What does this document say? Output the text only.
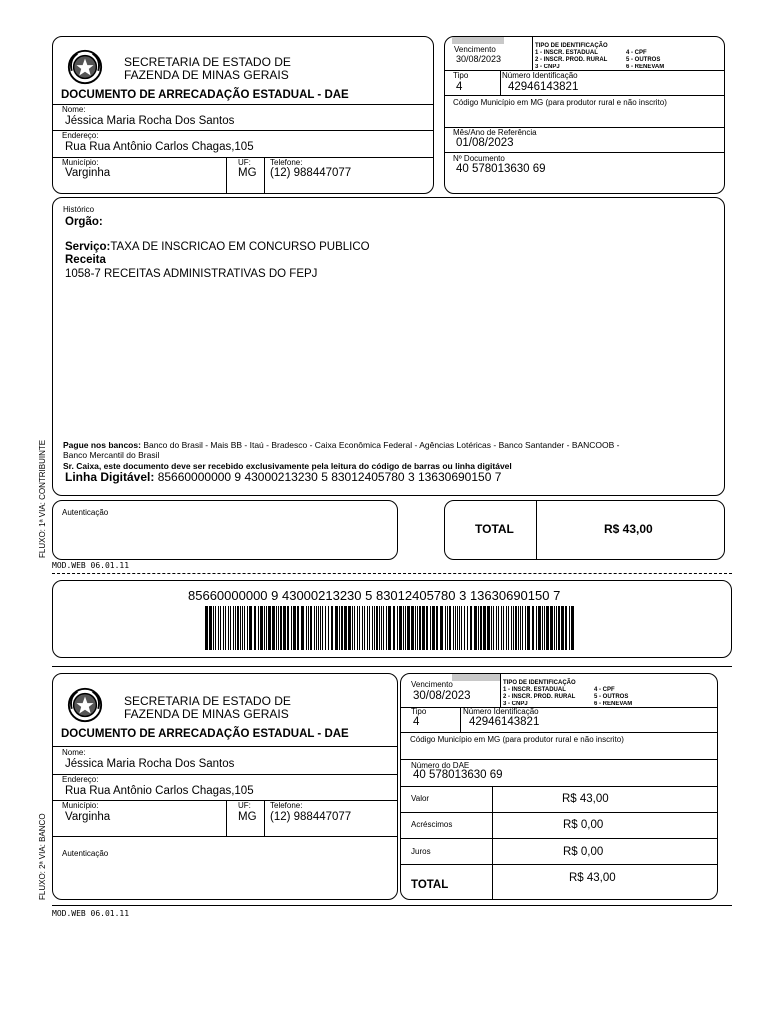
FLUXO: 1ª VIA: CONTRIBUINTE
SECRETARIA DE ESTADO DE
FAZENDA DE MINAS GERAIS
DOCUMENTO DE ARRECADAÇÃO ESTADUAL - DAE
Nome:
Jéssica Maria Rocha Dos Santos
Endereço:
Rua Rua Antônio Carlos Chagas,105
Município:
Varginha
UF:
MG
Telefone:
(12) 988447077
Vencimento
30/08/2023
TIPO DE IDENTIFICAÇÃO
1 - INSCR. ESTADUAL
2 - INSCR. PROD. RURAL
3 - CNPJ
4 - CPF
5 - OUTROS
6 - RENEVAM
Tipo
4
Número Identificação
42946143821
Código Município em MG (para produtor rural e não inscrito)
Mês/Ano de Referência
01/08/2023
Nº Documento
40 578013630 69
Histórico
Orgão:
Serviço:TAXA DE INSCRICAO EM CONCURSO PUBLICO
Receita
1058-7 RECEITAS ADMINISTRATIVAS DO FEPJ
Pague nos bancos: Banco do Brasil - Mais BB - Itaú - Bradesco - Caixa Econômica Federal - Agências Lotéricas - Banco Santander - BANCOOB - Banco Mercantil do Brasil
Sr. Caixa, este documento deve ser recebido exclusivamente pela leitura do código de barras ou linha digitável
Linha Digitável: 85660000000 9 43000213230 5 83012405780 3 13630690150 7
Autenticação
TOTAL	R$ 43,00
MOD.WEB 06.01.11
85660000000 9 43000213230 5 83012405780 3 13630690150 7
FLUXO: 2ª VIA: BANCO
SECRETARIA DE ESTADO DE
FAZENDA DE MINAS GERAIS
DOCUMENTO DE ARRECADAÇÃO ESTADUAL - DAE
Nome:
Jéssica Maria Rocha Dos Santos
Endereço:
Rua Rua Antônio Carlos Chagas,105
Município:
Varginha
UF:
MG
Telefone:
(12) 988447077
Autenticação
Vencimento
30/08/2023
TIPO DE IDENTIFICAÇÃO
1 - INSCR. ESTADUAL
2 - INSCR. PROD. RURAL
3 - CNPJ
4 - CPF
5 - OUTROS
6 - RENEVAM
Tipo
4
Número Identificação
42946143821
Código Município em MG (para produtor rural e não inscrito)
Número do DAE
40 578013630 69
Valor	R$ 43,00
Acréscimos	R$ 0,00
Juros	R$ 0,00
TOTAL
R$ 43,00
MOD.WEB 06.01.11
